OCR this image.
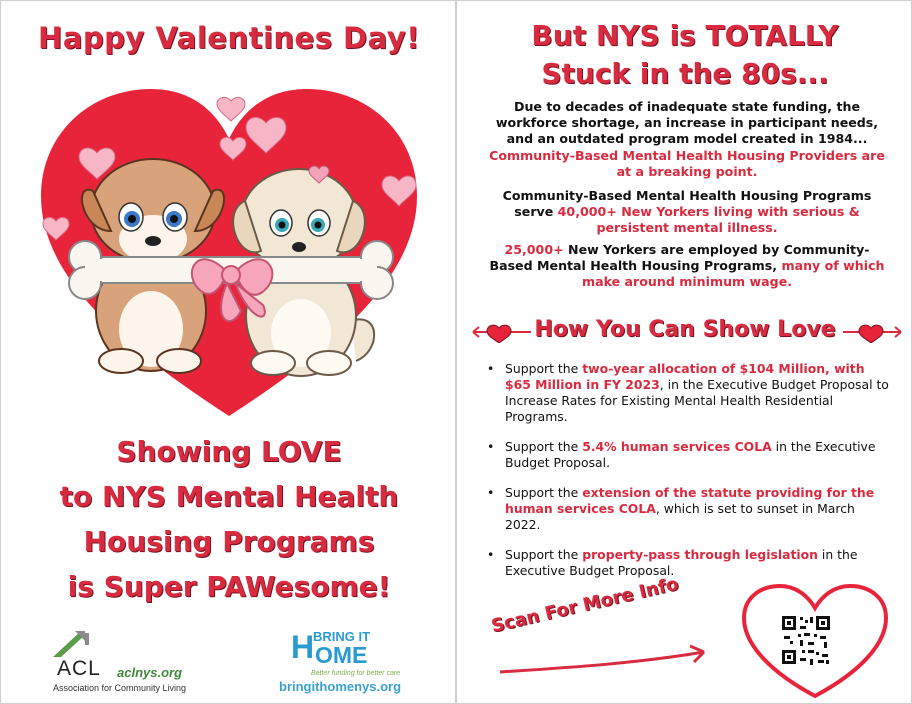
Happy Valentines Day!
Showing LOVE
to NYS Mental Health
Housing Programs
is Super PAWesome!
ACL aclnys.org
Association for Community Living
H
BRING IT
OME
Better funding for better care
bringithomenys.org
But NYS is TOTALLY
Stuck in the 80s...
Due to decades of inadequate state funding, the workforce shortage, an increase in participant needs, and an outdated program model created in 1984... Community-Based Mental Health Housing Providers are at a breaking point.
Community-Based Mental Health Housing Programs serve 40,000+ New Yorkers living with serious & persistent mental illness.
25,000+ New Yorkers are employed by Community-Based Mental Health Housing Programs, many of which make around minimum wage.
How You Can Show Love
• Support the two-year allocation of $104 Million, with $65 Million in FY 2023, in the Executive Budget Proposal to Increase Rates for Existing Mental Health Residential Programs.
• Support the 5.4% human services COLA in the Executive Budget Proposal.
• Support the extension of the statute providing for the human services COLA, which is set to sunset in March 2022.
• Support the property-pass through legislation in the Executive Budget Proposal.
Scan For More Info
